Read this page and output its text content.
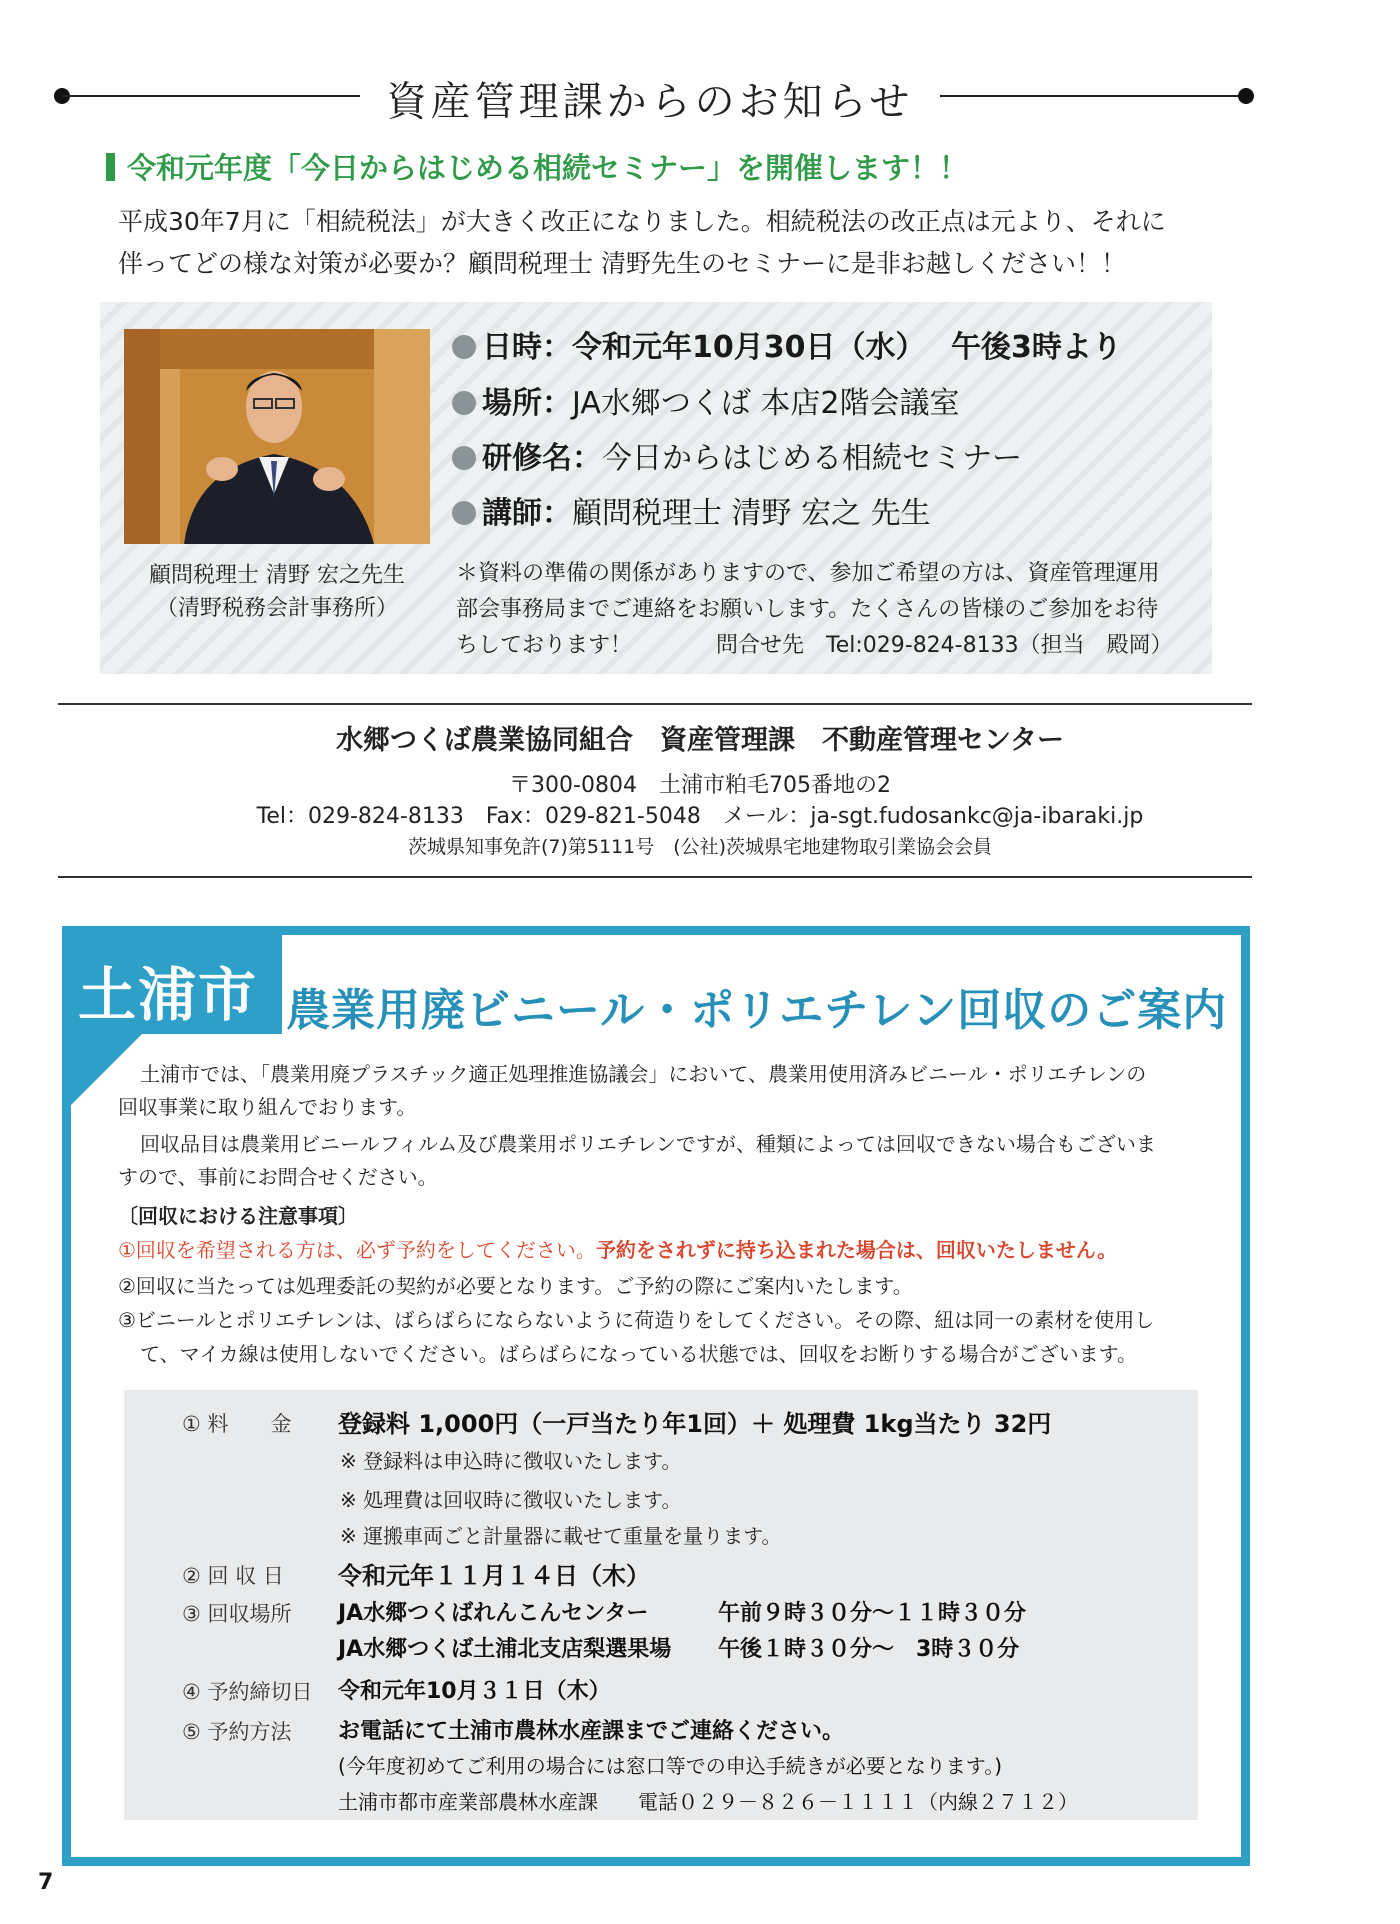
資産管理課からのお知らせ
令和元年度「今日からはじめる相続セミナー」を開催します！！
平成30年7月に「相続税法」が大きく改正になりました。相続税法の改正点は元より、それに
伴ってどの様な対策が必要か？顧問税理士 清野先生のセミナーに是非お越しください！！
顧問税理士 清野 宏之先生
（清野税務会計事務所）
日時：令和元年10月30日（水）　 午後3時より
場所：JA水郷つくば 本店2階会議室
研修名：今日からはじめる相続セミナー
講師：顧問税理士 清野 宏之 先生
＊資料の準備の関係がありますので、参加ご希望の方は、資産管理運用
部会事務局までご連絡をお願いします。たくさんの皆様のご参加をお待
ちしております！	問合せ先　Tel:029-824-8133（担当　殿岡）
水郷つくば農業協同組合　資産管理課　不動産管理センター
〒300-0804　土浦市粕毛705番地の2
Tel：029-824-8133　Fax：029-821-5048　メール：ja-sgt.fudosankc@ja-ibaraki.jp
茨城県知事免許(7)第5111号　(公社)茨城県宅地建物取引業協会会員
土浦市 農業用廃ビニール・ポリエチレン回収のご案内
土浦市では、「農業用廃プラスチック適正処理推進協議会」において、農業用使用済みビニール・ポリエチレンの
回収事業に取り組んでおります。
回収品目は農業用ビニールフィルム及び農業用ポリエチレンですが、種類によっては回収できない場合もございま
すので、事前にお問合せください。
〔回収における注意事項〕
①回収を希望される方は、必ず予約をしてください。予約をされずに持ち込まれた場合は、回収いたしません。
②回収に当たっては処理委託の契約が必要となります。ご予約の際にご案内いたします。
③ビニールとポリエチレンは、ばらばらにならないように荷造りをしてください。その際、紐は同一の素材を使用し
て、マイカ線は使用しないでください。ばらばらになっている状態では、回収をお断りする場合がございます。
① 料　　金 登録料 1,000円（一戸当たり年1回）＋ 処理費 1kg当たり 32円
※ 登録料は申込時に徴収いたします。
※ 処理費は回収時に徴収いたします。
※ 運搬車両ごと計量器に載せて重量を量ります。
② 回 収 日 令和元年１１月１４日（木）
③ 回収場所 JA水郷つくばれんこんセンター	午前９時３０分～１１時３０分
JA水郷つくば土浦北支店梨選果場 午後１時３０分～　3時３０分
④ 予約締切日 令和元年10月３１日（木）
⑤ 予約方法 お電話にて土浦市農林水産課までご連絡ください。
(今年度初めてご利用の場合には窓口等での申込手続きが必要となります。)
土浦市都市産業部農林水産課　　電話０２９－８２６－１１１１（内線２７１２）
7
